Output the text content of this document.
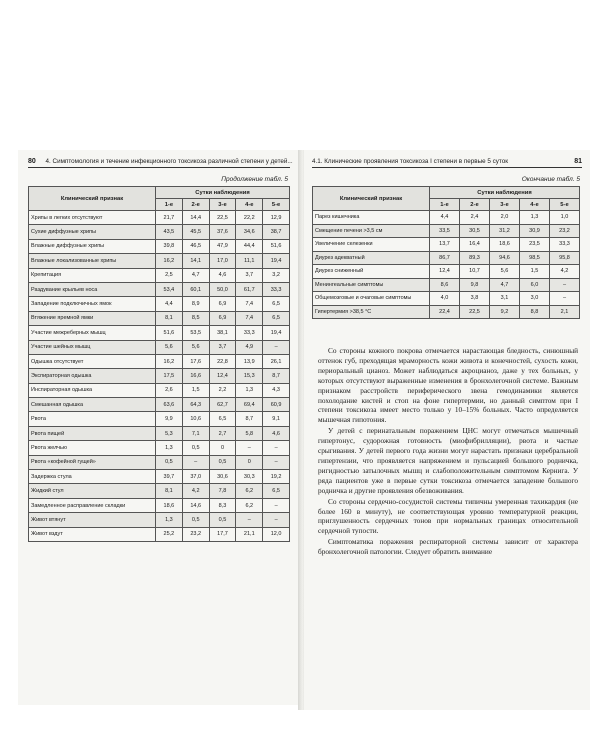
80 4. Симптомология и течение инфекционного токсикоза различной степени у детей...
Продолжение табл. 5
Клинический признак	Сутки наблюдения				
	1-е	2-е	3-е	4-е	5-е
Хрипы в легких отсутствуют	21,7	14,4	22,5	22,2	12,9
Сухие диффузные хрипы	43,5	45,5	37,6	34,6	38,7
Влажные диффузные хрипы	39,8	46,5	47,9	44,4	51,6
Влажные локализованные хрипы	16,2	14,1	17,0	11,1	19,4
Крепитация	2,5	4,7	4,6	3,7	3,2
Раздувание крыльев носа	53,4	60,1	50,0	61,7	33,3
Западение подключичных ямок	4,4	8,9	6,9	7,4	6,5
Втяжение яремной ямки	8,1	8,5	6,9	7,4	6,5
Участие межреберных мышц	51,6	53,5	38,1	33,3	19,4
Участие шейных мышц	5,6	5,6	3,7	4,9	–
Одышка отсутствует	16,2	17,6	22,8	13,9	26,1
Экспираторная одышка	17,5	16,6	12,4	15,3	8,7
Инспираторная одышка	2,6	1,5	2,2	1,3	4,3
Смешанная одышка	63,6	64,3	62,7	69,4	60,9
Рвота	9,9	10,6	6,5	8,7	9,1
Рвота пищей	5,3	7,1	2,7	5,8	4,6
Рвота желчью	1,3	0,5	0	–	–
Рвота «кофейной гущей»	0,5	–	0,5	0	–
Задержка стула	39,7	37,0	30,6	30,3	19,2
Жидкий стул	8,1	4,2	7,8	6,2	6,5
Замедленное расправление складки	18,6	14,6	8,3	6,2	–
Живот втянут	1,3	0,5	0,5	–	–
Живот вздут	25,2	23,2	17,7	21,1	12,0
4.1. Клинические проявления токсикоза I степени в первые 5 суток	81
Окончание табл. 5
Клинический признак	Сутки наблюдения				
	1-е	2-е	3-е	4-е	5-е
Парез кишечника	4,4	2,4	2,0	1,3	1,0
Смещение печени >3,5 см	33,5	30,5	31,2	30,9	23,2
Увеличение селезенки	13,7	16,4	18,6	23,5	33,3
Диурез адекватный	86,7	89,3	94,6	98,5	95,8
Диурез сниженный	12,4	10,7	5,6	1,5	4,2
Менингеальные симптомы	8,6	9,8	4,7	6,0	–
Общемозговые и очаговые симптомы	4,0	3,8	3,1	3,0	–
Гипертермия >38,5 °С	22,4	22,5	9,2	8,8	2,1

Со стороны кожного покрова отмечается нарастающая бледность, синюшный оттенок губ, преходящая мраморность кожи живота и конечностей, сухость кожи, периоральный цианоз. Может наблюдаться акроцианоз, даже у тех больных, у которых отсутствуют выраженные изменения в бронхолегочной системе. Важным признаком расстройств периферического звена гемодинамики является похолодание кистей и стоп на фоне гипертермии, но данный симптом при I степени токсикоза имеет место только у 10–15% больных. Часто определяется мышечная гипотония.

У детей с перинатальным поражением ЦНС могут отмечаться мышечный гипертонус, судорожная готовность (миофибрилляции), рвота и частые срыгивания. У детей первого года жизни могут нарастать признаки церебральной гипертензии, что проявляется напряжением и пульсацией большого родничка, ригидностью затылочных мышц и слабоположительным симптомом Кернига. У ряда пациентов уже в первые сутки токсикоза отмечается западение большого родничка и другие проявления обезвоживания.

Со стороны сердечно-сосудистой системы типичны умеренная тахикардия (не более 160 в минуту), не соответствующая уровню температурной реакции, приглушенность сердечных тонов при нормальных границах относительной сердечной тупости.

Симптоматика поражения респираторной системы зависит от характера бронхолегочной патологии. Следует обратить внимание
